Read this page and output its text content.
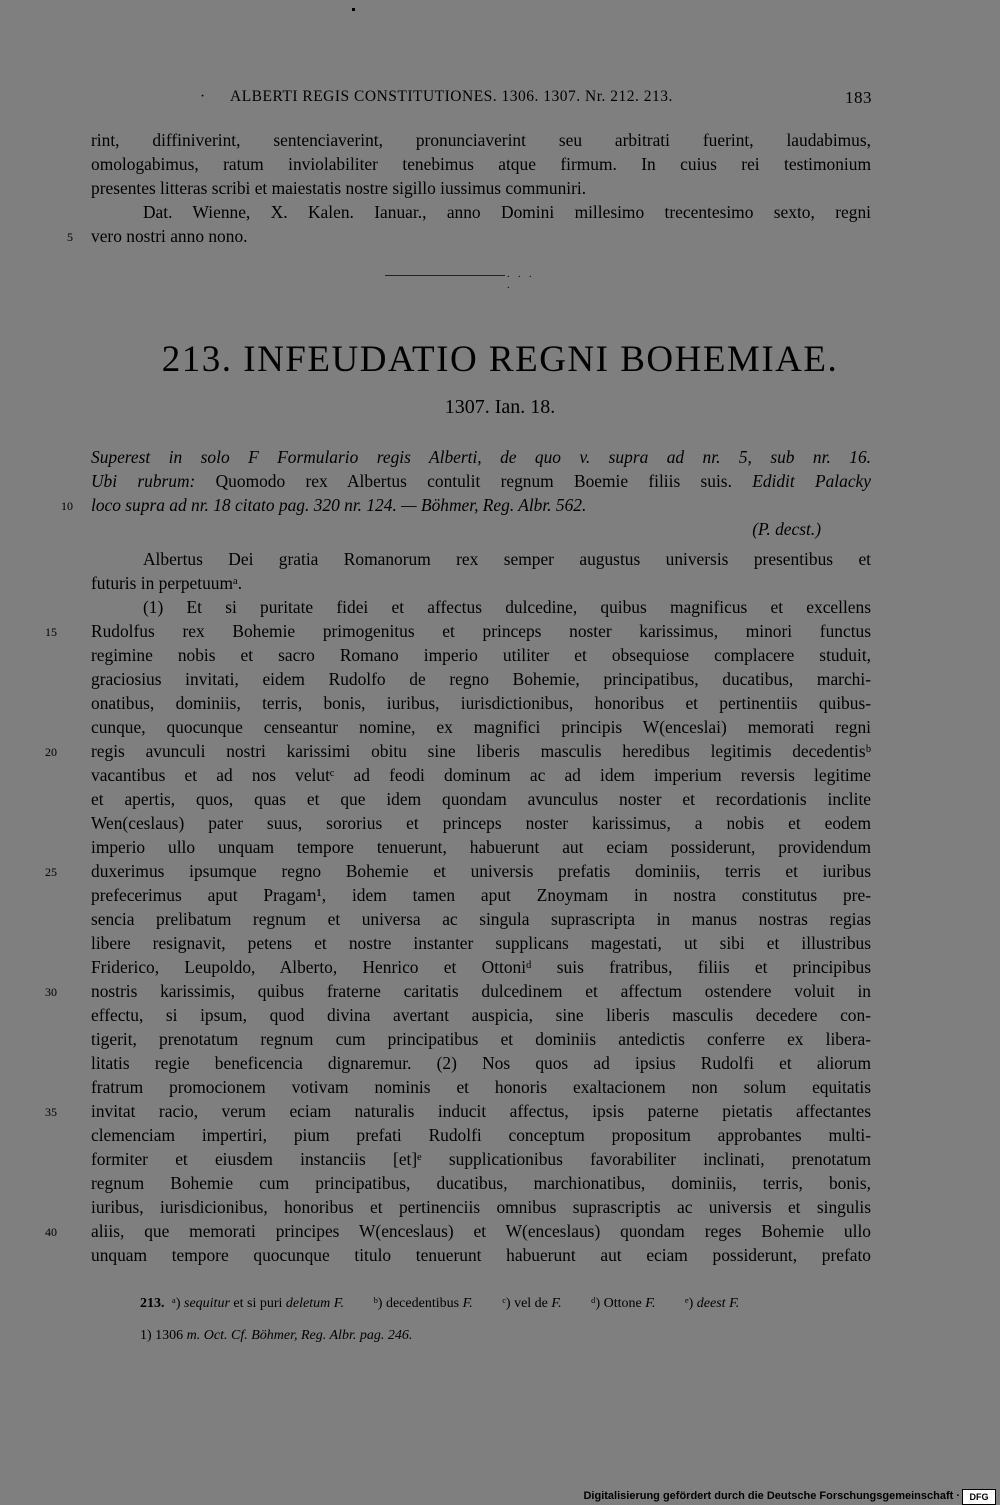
· ALBERTI REGIS CONSTITUTIONES. 1306. 1307. Nr. 212. 213.	183
rint, diffiniverint, sentenciaverint, pronunciaverint seu arbitrati fuerint, laudabimus,
omologabimus, ratum inviolabiliter tenebimus atque firmum. In cuius rei testimonium
presentes litteras scribi et maiestatis nostre sigillo iussimus communiri.
Dat. Wienne, X. Kalen. Ianuar., anno Domini millesimo trecentesimo sexto, regni
5 vero nostri anno nono.
. . . .
213. INFEUDATIO REGNI BOHEMIAE.
1307. Ian. 18.
Superest in solo F Formulario regis Alberti, de quo v. supra ad nr. 5, sub nr. 16.
Ubi rubrum: Quomodo rex Albertus contulit regnum Boemie filiis suis. Edidit Palacky
10 loco supra ad nr. 18 citato pag. 320 nr. 124. — Böhmer, Reg. Albr. 562.
(P. decst.)
Albertus Dei gratia Romanorum rex semper augustus universis presentibus et
futuris in perpetuumᵃ.
(1) Et si puritate fidei et affectus dulcedine, quibus magnificus et excellens
15	Rudolfus rex Bohemie primogenitus et princeps noster karissimus, minori functus
regimine nobis et sacro Romano imperio utiliter et obsequiose complacere studuit,
graciosius invitati, eidem Rudolfo de regno Bohemie, principatibus, ducatibus, marchi-
onatibus, dominiis, terris, bonis, iuribus, iurisdictionibus, honoribus et pertinentiis quibus-
cunque, quocunque censeantur nomine, ex magnifici principis W(enceslai) memorati regni
20	regis avunculi nostri karissimi obitu sine liberis masculis heredibus legitimis decedentisᵇ
vacantibus et ad nos velutᶜ ad feodi dominum ac ad idem imperium reversis legitime
et apertis, quos, quas et que idem quondam avunculus noster et recordationis inclite
Wen(ceslaus) pater suus, sororius et princeps noster karissimus, a nobis et eodem
imperio ullo unquam tempore tenuerunt, habuerunt aut eciam possiderunt, providendum
25	duxerimus ipsumque regno Bohemie et universis prefatis dominiis, terris et iuribus
prefecerimus aput Pragam¹, idem tamen aput Znoymam in nostra constitutus pre-
sencia prelibatum regnum et universa ac singula suprascripta in manus nostras regias
libere resignavit, petens et nostre instanter supplicans magestati, ut sibi et illustribus
Friderico, Leupoldo, Alberto, Henrico et Ottoniᵈ suis fratribus, filiis et principibus
30	nostris karissimis, quibus fraterne caritatis dulcedinem et affectum ostendere voluit in
effectu, si ipsum, quod divina avertant auspicia, sine liberis masculis decedere con-
tigerit, prenotatum regnum cum principatibus et dominiis antedictis conferre ex libera-
litatis regie beneficencia dignaremur. (2) Nos quos ad ipsius Rudolfi et aliorum
fratrum promocionem votivam nominis et honoris exaltacionem non solum equitatis
35	invitat racio, verum eciam naturalis inducit affectus, ipsis paterne pietatis affectantes
clemenciam impertiri, pium prefati Rudolfi conceptum propositum approbantes multi-
formiter et eiusdem instanciis [et]ᵉ supplicationibus favorabiliter inclinati, prenotatum
regnum Bohemie cum principatibus, ducatibus, marchionatibus, dominiis, terris, bonis,
iuribus, iurisdicionibus, honoribus et pertinenciis omnibus suprascriptis ac universis et singulis
40	aliis, que memorati principes W(enceslaus) et W(enceslaus) quondam reges Bohemie ullo
unquam tempore quocunque titulo tenuerunt habuerunt aut eciam possiderunt, prefato
213. ᵃ) sequitur et si puri deletum F. ᵇ) decedentibus F. ᶜ) vel de F. ᵈ) Ottone F. ᵉ) deest F.
1) 1306 m. Oct. Cf. Böhmer, Reg. Albr. pag. 246.
Digitalisierung gefördert durch die Deutsche Forschungsgemeinschaft ·	DFG
